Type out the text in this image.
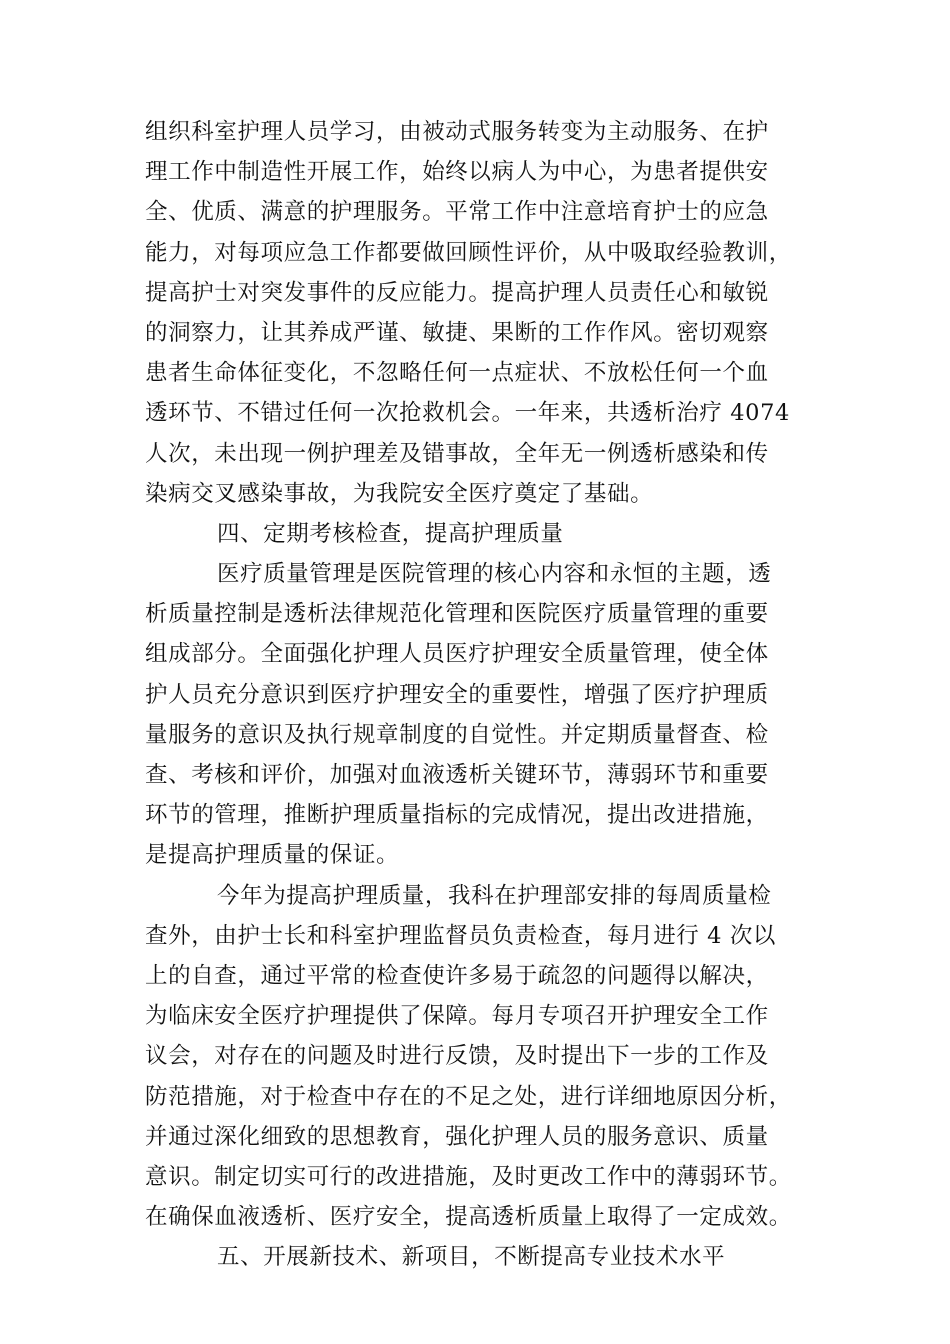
组织科室护理人员学习，由被动式服务转变为主动服务、在护
理工作中制造性开展工作，始终以病人为中心，为患者提供安
全、优质、满意的护理服务。平常工作中注意培育护士的应急
能力，对每项应急工作都要做回顾性评价，从中吸取经验教训，
提高护士对突发事件的反应能力。提高护理人员责任心和敏锐
的洞察力，让其养成严谨、敏捷、果断的工作作风。密切观察
患者生命体征变化，不忽略任何一点症状、不放松任何一个血
透环节、不错过任何一次抢救机会。一年来，共透析治疗 4074
人次，未出现一例护理差及错事故，全年无一例透析感染和传
染病交叉感染事故，为我院安全医疗奠定了基础。
四、定期考核检查，提高护理质量
医疗质量管理是医院管理的核心内容和永恒的主题，透
析质量控制是透析法律规范化管理和医院医疗质量管理的重要
组成部分。全面强化护理人员医疗护理安全质量管理，使全体
护人员充分意识到医疗护理安全的重要性，增强了医疗护理质
量服务的意识及执行规章制度的自觉性。并定期质量督查、检
查、考核和评价，加强对血液透析关键环节，薄弱环节和重要
环节的管理，推断护理质量指标的完成情况，提出改进措施，
是提高护理质量的保证。
今年为提高护理质量，我科在护理部安排的每周质量检
查外，由护士长和科室护理监督员负责检查，每月进行 4 次以
上的自查，通过平常的检查使许多易于疏忽的问题得以解决，
为临床安全医疗护理提供了保障。每月专项召开护理安全工作
议会，对存在的问题及时进行反馈，及时提出下一步的工作及
防范措施，对于检查中存在的不足之处，进行详细地原因分析，
并通过深化细致的思想教育，强化护理人员的服务意识、质量
意识。制定切实可行的改进措施，及时更改工作中的薄弱环节。
在确保血液透析、医疗安全，提高透析质量上取得了一定成效。
五、开展新技术、新项目，不断提高专业技术水平
